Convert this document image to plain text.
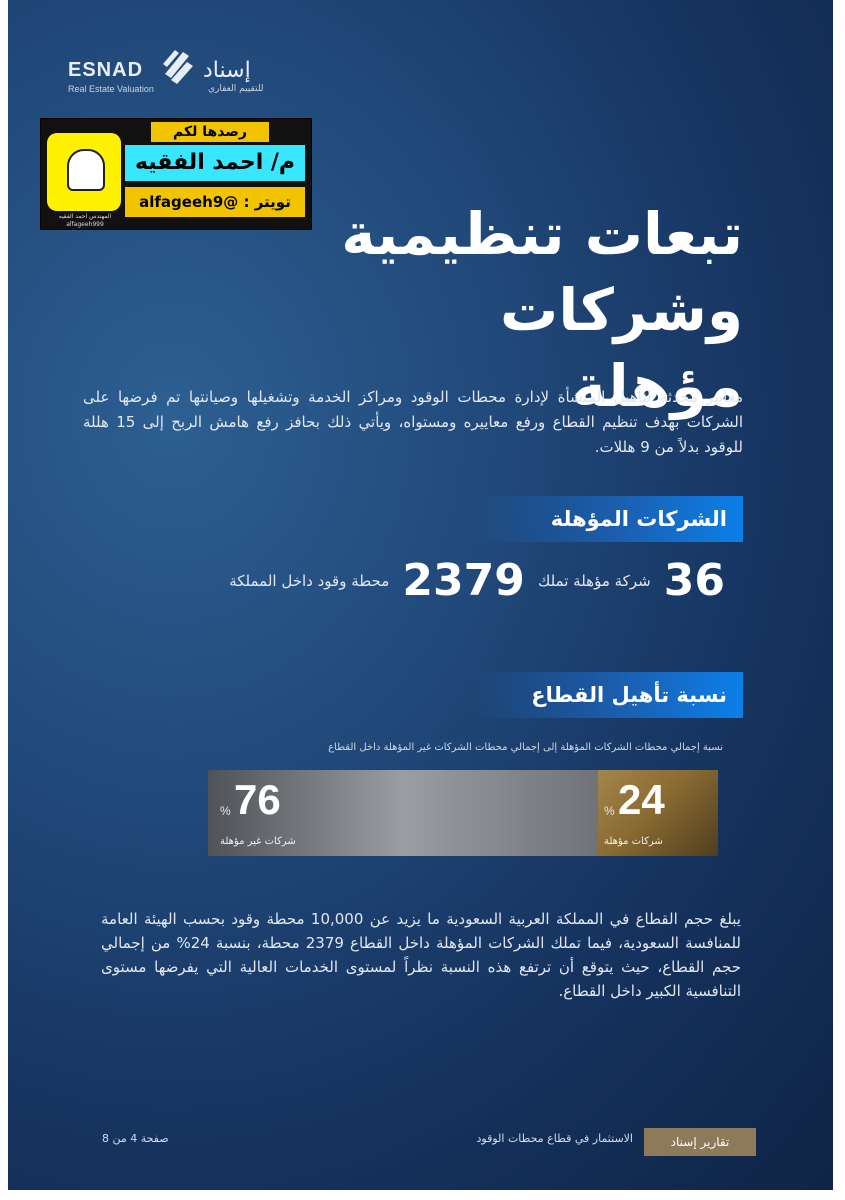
ESNAD
Real Estate Valuation
إسناد
للتقييم العقاري
المهندس احمد الفقيه
alfageeh999
رصدها لكم
م/ احمد الفقيه
تويتر : @alfageeh9 تبعات تنظيمية
وشركات مؤهلة
معايير محدثة لتأهيل المنشأة لإدارة محطات الوقود ومراكز الخدمة وتشغيلها وصيانتها تم فرضها على الشركات بهدف تنظيم القطاع ورفع معاييره ومستواه، ويأتي ذلك بحافز رفع هامش الربح إلى 15 هللة للوقود بدلاً من 9 هللات.
الشركات المؤهلة
36 شركة مؤهلة تملك 2379 محطة وقود داخل المملكة
نسبة تأهيل القطاع
نسبة إجمالي محطات الشركات المؤهلة إلى إجمالي محطات الشركات غير المؤهلة داخل القطاع
% 76
شركات غير مؤهلة
% 24
شركات مؤهلة
يبلغ حجم القطاع في المملكة العربية السعودية ما يزيد عن 10,000 محطة وقود بحسب الهيئة العامة للمنافسة السعودية، فيما تملك الشركات المؤهلة داخل القطاع 2379 محطة، بنسبة 24% من إجمالي حجم القطاع، حيث يتوقع أن ترتفع هذه النسبة نظراً لمستوى الخدمات العالية التي يفرضها مستوى التنافسية الكبير داخل القطاع.
تقارير إسناد
الاستثمار في قطاع محطات الوقود
صفحة 4 من 8
